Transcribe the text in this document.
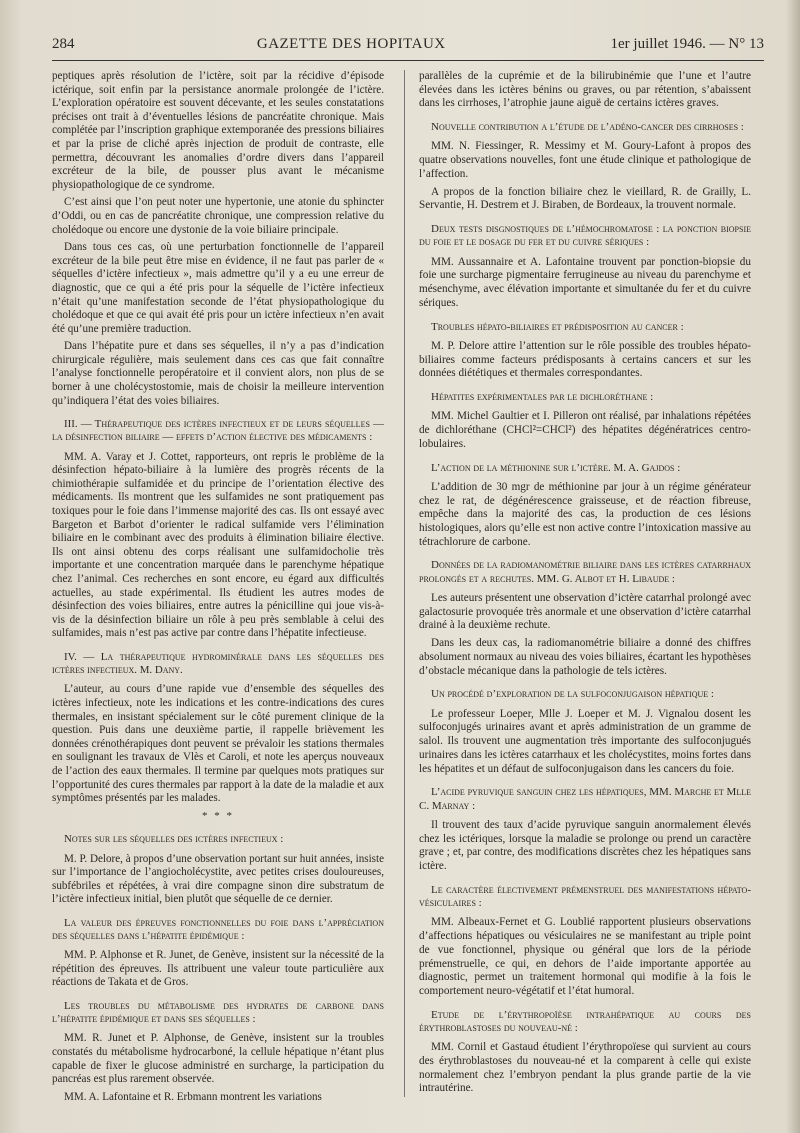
284	GAZETTE DES HOPITAUX	1er juillet 1946. — N° 13

peptiques après résolution de l’ictère, soit par la récidive d’épisode ictérique, soit enfin par la persistance anormale prolongée de l’ictère. L’exploration opératoire est souvent décevante, et les seules constatations précises ont trait à d’éventuelles lésions de pancréatite chronique. Mais complétée par l’inscription graphique extemporanée des pressions biliaires et par la prise de cliché après injection de produit de contraste, elle permettra, découvrant les anomalies d’ordre divers dans l’appareil excréteur de la bile, de pousser plus avant le mécanisme physiopathologique de ce syndrome.

C’est ainsi que l’on peut noter une hypertonie, une atonie du sphincter d’Oddi, ou en cas de pancréatite chronique, une compression relative du cholédoque ou encore une dystonie de la voie biliaire principale.

Dans tous ces cas, où une perturbation fonctionnelle de l’appareil excréteur de la bile peut être mise en évidence, il ne faut pas parler de « séquelles d’ictère infectieux », mais admettre qu’il y a eu une erreur de diagnostic, que ce qui a été pris pour la séquelle de l’ictère infectieux n’était qu’une manifestation seconde de l’état physiopathologique du cholédoque et que ce qui avait été pris pour un ictère infectieux n’en avait été qu’une première traduction.

Dans l’hépatite pure et dans ses séquelles, il n’y a pas d’indication chirurgicale régulière, mais seulement dans ces cas que fait connaître l’analyse fonctionnelle peropératoire et il convient alors, non plus de se borner à une cholécystostomie, mais de choisir la meilleure intervention qu’indiquera l’état des voies biliaires.

III. — Thérapeutique des ictères infectieux et de leurs séquelles — la désinfection biliaire — effets d’action élective des médicaments :

MM. A. Varay et J. Cottet, rapporteurs, ont repris le problème de la désinfection hépato-biliaire à la lumière des progrès récents de la chimiothérapie sulfamidée et du principe de l’orientation élective des médicaments. Ils montrent que les sulfamides ne sont pratiquement pas toxiques pour le foie dans l’immense majorité des cas. Ils ont essayé avec Bargeton et Barbot d’orienter le radical sulfamide vers l’élimination biliaire en le combinant avec des produits à élimination biliaire élective. Ils ont ainsi obtenu des corps réalisant une sulfamidocholie très importante et une concentration marquée dans le parenchyme hépatique chez l’animal. Ces recherches en sont encore, eu égard aux difficultés actuelles, au stade expérimental. Ils étudient les autres modes de désinfection des voies biliaires, entre autres la pénicilline qui joue vis-à-vis de la désinfection biliaire un rôle à peu près semblable à celui des sulfamides, mais n’est pas active par contre dans l’hépatite infectieuse.

IV. — La thérapeutique hydrominérale dans les séquelles des ictères infectieux. M. Dany.

L’auteur, au cours d’une rapide vue d’ensemble des séquelles des ictères infectieux, note les indications et les contre-indications des cures thermales, en insistant spécialement sur le côté purement clinique de la question. Puis dans une deuxième partie, il rappelle brièvement les données crénothérapiques dont peuvent se prévaloir les stations thermales en soulignant les travaux de Vlès et Caroli, et note les aperçus nouveaux de l’action des eaux thermales. Il termine par quelques mots pratiques sur l’opportunité des cures thermales par rapport à la date de la maladie et aux symptômes présentés par les malades.

* * *
Notes sur les séquelles des ictères infectieux :

M. P. Delore, à propos d’une observation portant sur huit années, insiste sur l’importance de l’angiocholécystite, avec petites crises douloureuses, subfébriles et répétées, à vrai dire compagne sinon dire substratum de l’ictère infectieux initial, bien plutôt que séquelle de ce dernier.

La valeur des épreuves fonctionnelles du foie dans l’appréciation des séquelles dans l’hépatite épidémique :

MM. P. Alphonse et R. Junet, de Genève, insistent sur la nécessité de la répétition des épreuves. Ils attribuent une valeur toute particulière aux réactions de Takata et de Gros.

Les troubles du métabolisme des hydrates de carbone dans l’hépatite épidémique et dans ses séquelles :

MM. R. Junet et P. Alphonse, de Genève, insistent sur la troubles constatés du métabolisme hydrocarboné, la cellule hépatique n’étant plus capable de fixer le glucose administré en surcharge, la participation du pancréas est plus rarement observée.

MM. A. Lafontaine et R. Erbmann montrent les variations

parallèles de la cuprémie et de la bilirubinémie que l’une et l’autre élevées dans les ictères bénins ou graves, ou par rétention, s’abaissent dans les cirrhoses, l’atrophie jaune aiguë de certains ictères graves.

Nouvelle contribution a l’étude de l’adéno-cancer des cirrhoses :

MM. N. Fiessinger, R. Messimy et M. Goury-Lafont à propos des quatre observations nouvelles, font une étude clinique et pathologique de l’affection.

A propos de la fonction biliaire chez le vieillard, R. de Grailly, L. Servantie, H. Destrem et J. Biraben, de Bordeaux, la trouvent normale.

Deux tests disgnostiques de l’hémochromatose : la ponction biopsie du foie et le dosage du fer et du cuivre sériques :

MM. Aussannaire et A. Lafontaine trouvent par ponction-biopsie du foie une surcharge pigmentaire ferrugineuse au niveau du parenchyme et mésenchyme, avec élévation importante et simultanée du fer et du cuivre sériques.

Troubles hépato-biliaires et prédisposition au cancer :

M. P. Delore attire l’attention sur le rôle possible des troubles hépato-biliaires comme facteurs prédisposants à certains cancers et sur les données diététiques et thermales correspondantes.

Hépatites expérimentales par le dichloréthane :

MM. Michel Gaultier et I. Pilleron ont réalisé, par inhalations répétées de dichloréthane (CHCl²=CHCl²) des hépatites dégénératrices centro-lobulaires.

L’action de la méthionine sur l’ictère. M. A. Gajdos :

L’addition de 30 mgr de méthionine par jour à un régime générateur chez le rat, de dégénérescence graisseuse, et de réaction fibreuse, empêche dans la majorité des cas, la production de ces lésions histologiques, alors qu’elle est non active contre l’intoxication massive au tétrachlorure de carbone.

Données de la radiomanométrie biliaire dans les ictères catarrhaux prolongés et a rechutes. MM. G. Albot et H. Libaude :

Les auteurs présentent une observation d’ictère catarrhal prolongé avec galactosurie provoquée très anormale et une observation d’ictère catarrhal drainé à la deuxième rechute.

Dans les deux cas, la radiomanométrie biliaire a donné des chiffres absolument normaux au niveau des voies biliaires, écartant les hypothèses d’obstacle mécanique dans la pathologie de tels ictères.

Un procédé d’exploration de la sulfoconjugaison hépatique :

Le professeur Loeper, Mlle J. Loeper et M. J. Vignalou dosent les sulfoconjugés urinaires avant et après administration de un gramme de salol. Ils trouvent une augmentation très importante des sulfoconjugués urinaires dans les ictères catarrhaux et les cholécystites, moins fortes dans les hépatites et un défaut de sulfoconjugaison dans les cancers du foie.

L’acide pyruvique sanguin chez les hépatiques, MM. Marche et Mlle C. Marnay :

Il trouvent des taux d’acide pyruvique sanguin anormalement élevés chez les ictériques, lorsque la maladie se prolonge ou prend un caractère grave ; et, par contre, des modifications discrètes chez les hépatiques sans ictère.

Le caractère électivement prémenstruel des manifestations hépato-vésiculaires :

MM. Albeaux-Fernet et G. Loublié rapportent plusieurs observations d’affections hépatiques ou vésiculaires ne se manifestant au triple point de vue fonctionnel, physique ou général que lors de la période prémenstruelle, ce qui, en dehors de l’aide importante apportée au diagnostic, permet un traitement hormonal qui modifie à la fois le comportement neuro-végétatif et l’état humoral.

Etude de l’érythropoïèse intrahépatique au cours des érythroblastoses du nouveau-né :

MM. Cornil et Gastaud étudient l’érythropoïese qui survient au cours des érythroblastoses du nouveau-né et la comparent à celle qui existe normalement chez l’embryon pendant la plus grande partie de la vie intrautérine.
